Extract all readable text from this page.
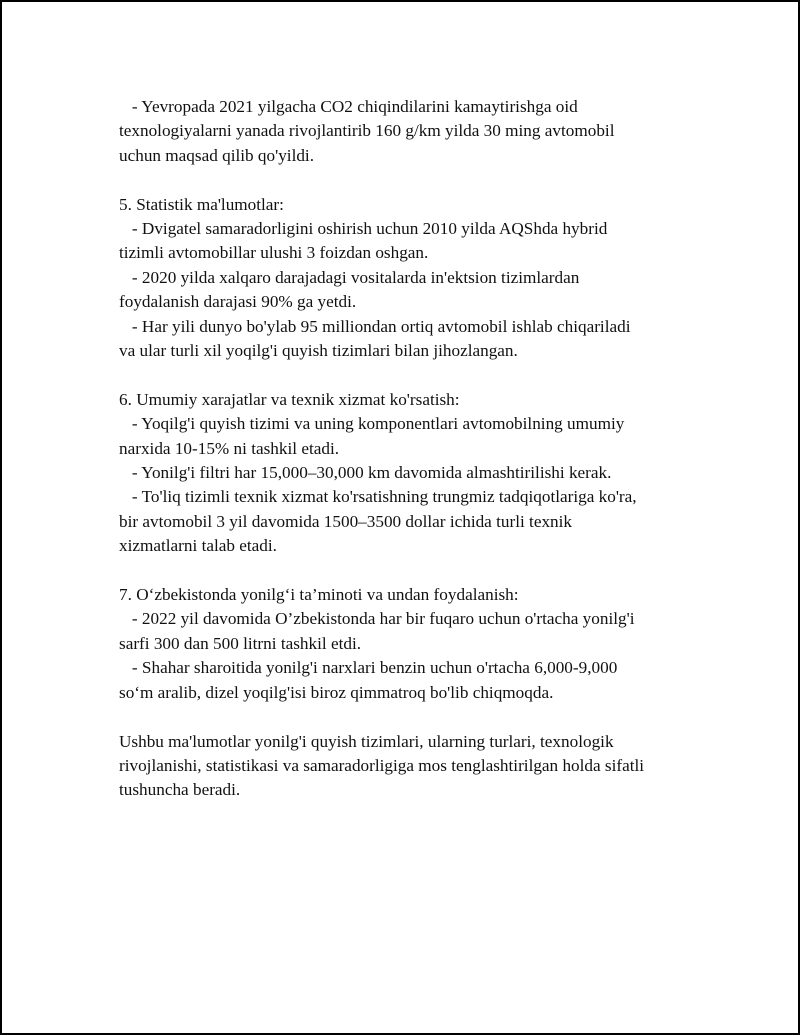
- Yevropada 2021 yilgacha CO2 chiqindilarini kamaytirishga oid
texnologiyalarni yanada rivojlantirib 160 g/km yilda 30 ming avtomobil
uchun maqsad qilib qo'yildi.
5. Statistik ma'lumotlar:
- Dvigatel samaradorligini oshirish uchun 2010 yilda AQShda hybrid
tizimli avtomobillar ulushi 3 foizdan oshgan.
- 2020 yilda xalqaro darajadagi vositalarda in'ektsion tizimlardan
foydalanish darajasi 90% ga yetdi.
- Har yili dunyo bo'ylab 95 milliondan ortiq avtomobil ishlab chiqariladi
va ular turli xil yoqilg'i quyish tizimlari bilan jihozlangan.
6. Umumiy xarajatlar va texnik xizmat ko'rsatish:
- Yoqilg'i quyish tizimi va uning komponentlari avtomobilning umumiy
narxida 10-15% ni tashkil etadi.
- Yonilg'i filtri har 15,000–30,000 km davomida almashtirilishi kerak.
- To'liq tizimli texnik xizmat ko'rsatishning trungmiz tadqiqotlariga ko'ra,
bir avtomobil 3 yil davomida 1500–3500 dollar ichida turli texnik
xizmatlarni talab etadi.
7. O‘zbekistonda yonilg‘i ta’minoti va undan foydalanish:
- 2022 yil davomida O’zbekistonda har bir fuqaro uchun o'rtacha yonilg'i
sarfi 300 dan 500 litrni tashkil etdi.
- Shahar sharoitida yonilg'i narxlari benzin uchun o'rtacha 6,000-9,000
so‘m aralib, dizel yoqilg'isi biroz qimmatroq bo'lib chiqmoqda.
Ushbu ma'lumotlar yonilg'i quyish tizimlari, ularning turlari, texnologik
rivojlanishi, statistikasi va samaradorligiga mos tenglashtirilgan holda sifatli
tushuncha beradi.
